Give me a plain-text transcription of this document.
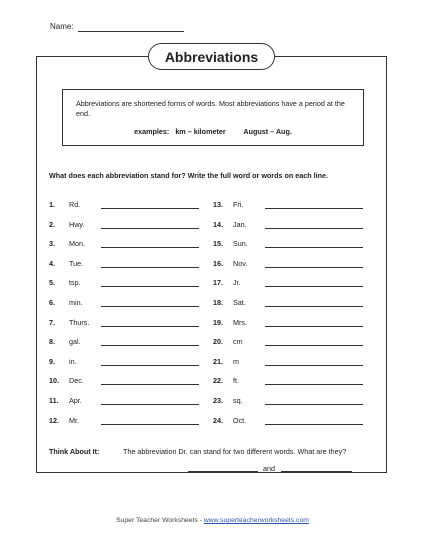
Name:
Abbreviations
Abbreviations are shortened forms of words. Most abbreviations have a period at the end.
examples: km – kilometer August – Aug.
What does each abbreviation stand for? Write the full word or words on each line.
1. Rd.
2. Hwy.
3. Mon.
4. Tue.
5. tsp.
6. min.
7. Thurs.
8. gal.
9. in.
10. Dec.
11. Apr.
12. Mr.
13. Fri.
14. Jan.
15. Sun.
16. Nov.
17. Jr.
18. Sat.
19. Mrs.
20. cm
21. m
22. ft.
23. sq.
24. Oct.
Think About It:	The abbreviation Dr. can stand for two different words. What are they?
and
Super Teacher Worksheets - www.superteacherworksheets.com
